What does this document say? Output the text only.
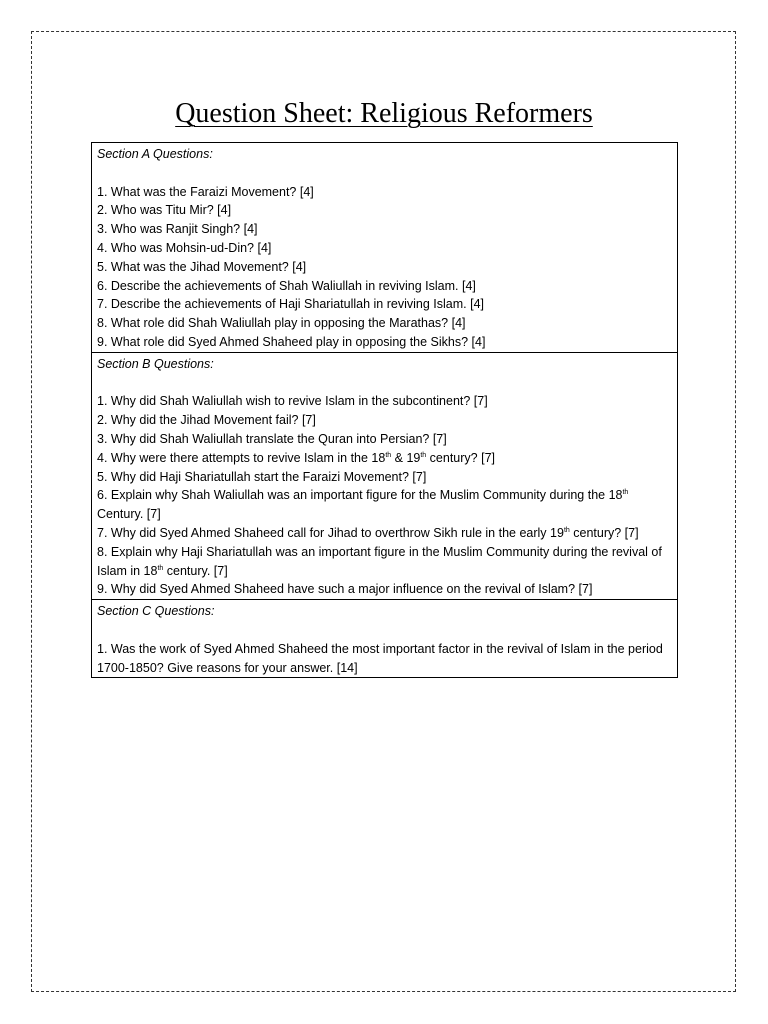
Question Sheet: Religious Reformers
Section A Questions:
1. What was the Faraizi Movement? [4]
2. Who was Titu Mir? [4]
3. Who was Ranjit Singh? [4]
4. Who was Mohsin-ud-Din? [4]
5. What was the Jihad Movement? [4]
6. Describe the achievements of Shah Waliullah in reviving Islam. [4]
7. Describe the achievements of Haji Shariatullah in reviving Islam. [4]
8. What role did Shah Waliullah play in opposing the Marathas? [4]
9. What role did Syed Ahmed Shaheed play in opposing the Sikhs? [4]

Section B Questions:
1. Why did Shah Waliullah wish to revive Islam in the subcontinent? [7]
2. Why did the Jihad Movement fail? [7]
3. Why did Shah Waliullah translate the Quran into Persian? [7]
4. Why were there attempts to revive Islam in the 18th & 19th century? [7]
5. Why did Haji Shariatullah start the Faraizi Movement? [7]
6. Explain why Shah Waliullah was an important figure for the Muslim Community during the 18th Century. [7]
7. Why did Syed Ahmed Shaheed call for Jihad to overthrow Sikh rule in the early 19th century? [7]
8. Explain why Haji Shariatullah was an important figure in the Muslim Community during the revival of Islam in 18th century. [7]
9. Why did Syed Ahmed Shaheed have such a major influence on the revival of Islam? [7]

Section C Questions:
1. Was the work of Syed Ahmed Shaheed the most important factor in the revival of Islam in the period 1700-1850? Give reasons for your answer. [14]
